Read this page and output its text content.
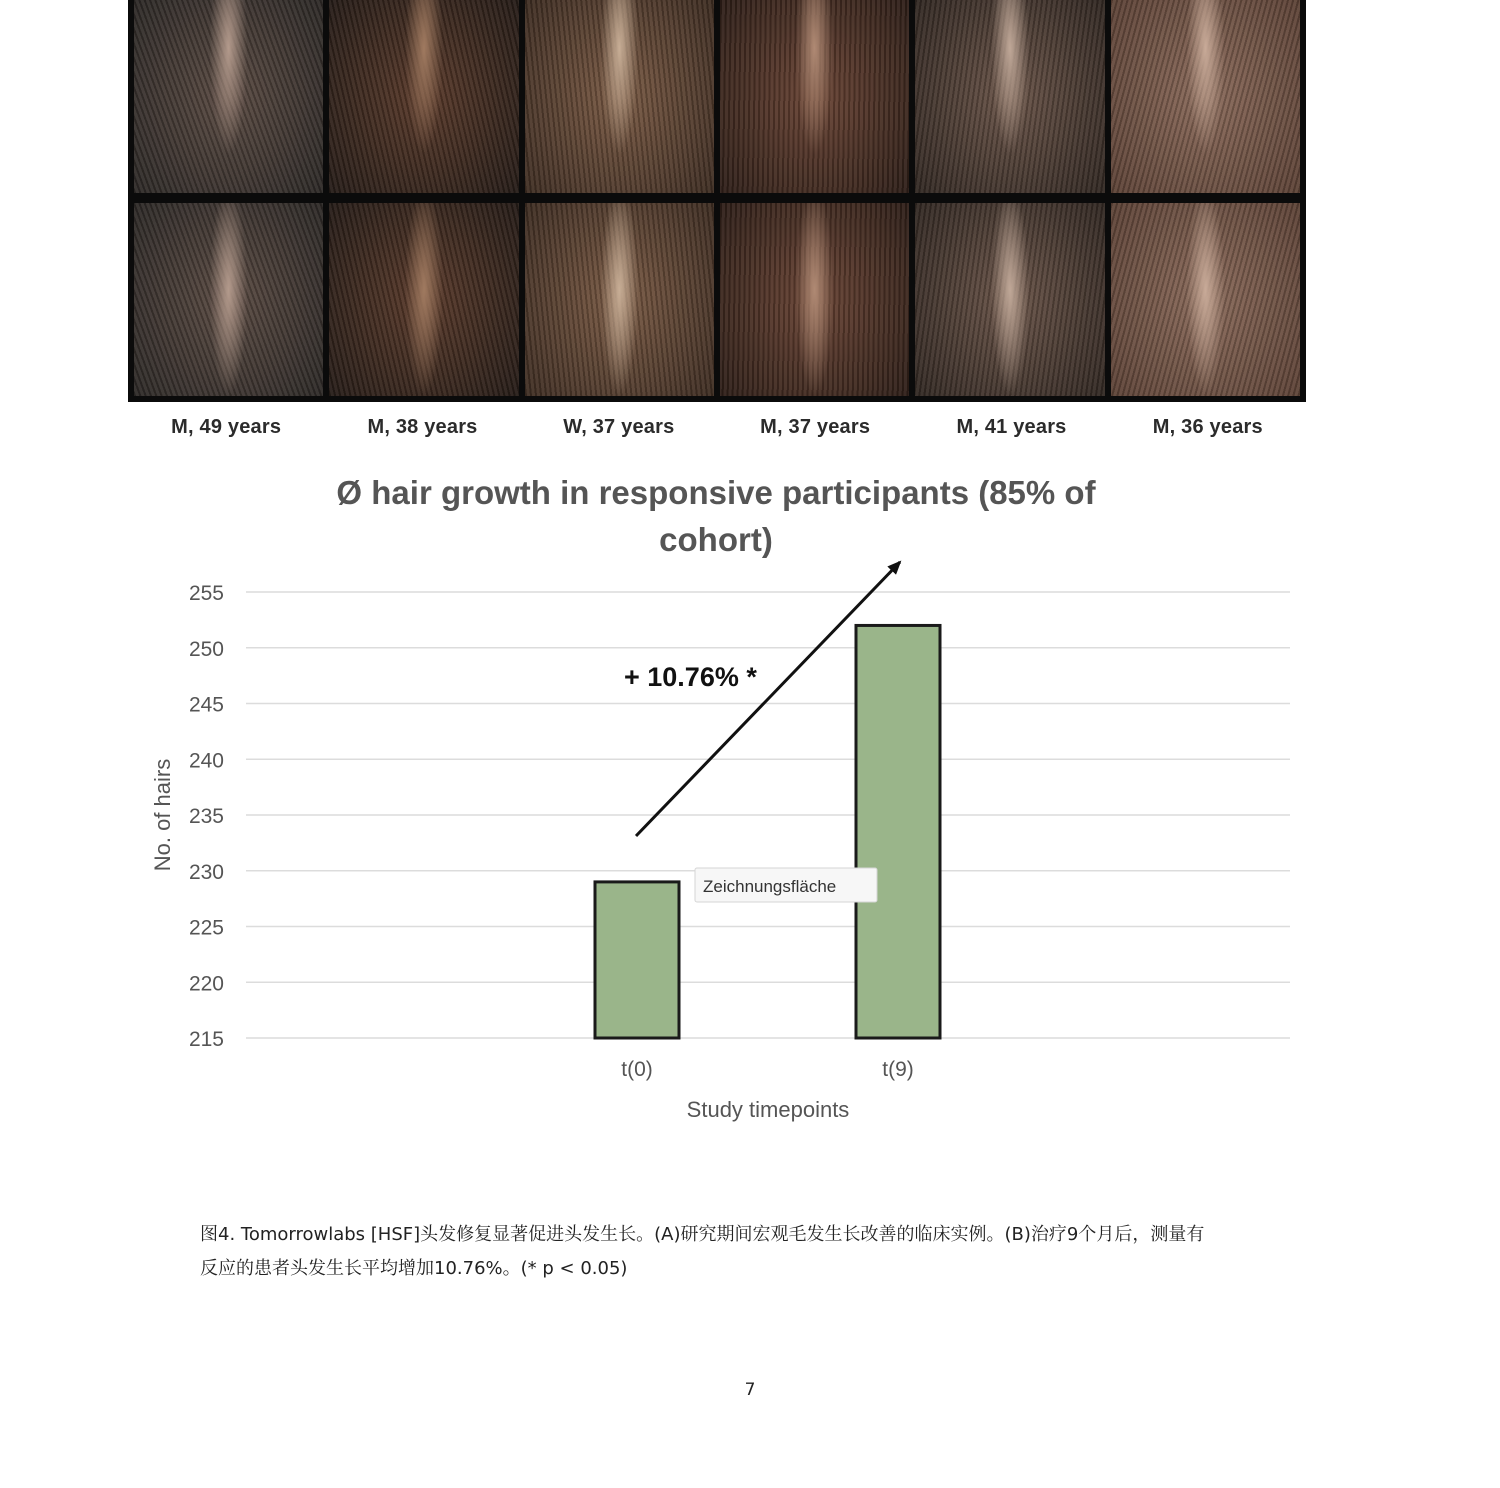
M, 49 years	M, 38 years	W, 37 years	M, 37 years	M, 41 years	M, 36 years
Ø hair growth in responsive participants (85% of
cohort)
215
220
225
230
235
240
245
250
255
t(0)	t(9)
No. of hairs
Study timepoints
+ 10.76% *
Zeichnungsfläche
图4. Tomorrowlabs [HSF]头发修复显著促进头发生长。(A)研究期间宏观毛发生长改善的临床实例。(B)治疗9个月后，测量有
反应的患者头发生长平均增加10.76%。(* p < 0.05)
7
